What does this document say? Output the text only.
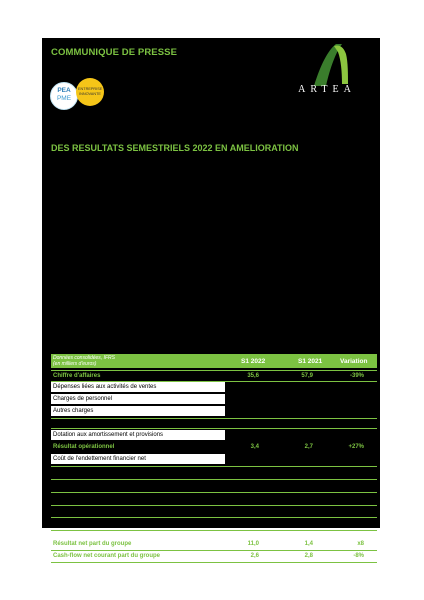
COMMUNIQUE DE PRESSE
PEA
PME
ENTREPRISE INNOVANTE	ARTEA
DES RESULTATS SEMESTRIELS 2022 EN AMELIORATION
Données consolidées, IFRS
(en milliers d'euros)	S1 2022	S1 2021	Variation
Chiffre d'affaires	35,6	57,9	-39%
Dépenses liées aux activités de ventes
Charges de personnel
Autres charges
Dotation aux amortissement et provisions
Résultat opérationnel	3,4	2,7	+27%
Coût de l'endettement financier net
Résultat net part du groupe	11,0	1,4	x8
Cash-flow net courant part du groupe	2,6	2,8	-8%
